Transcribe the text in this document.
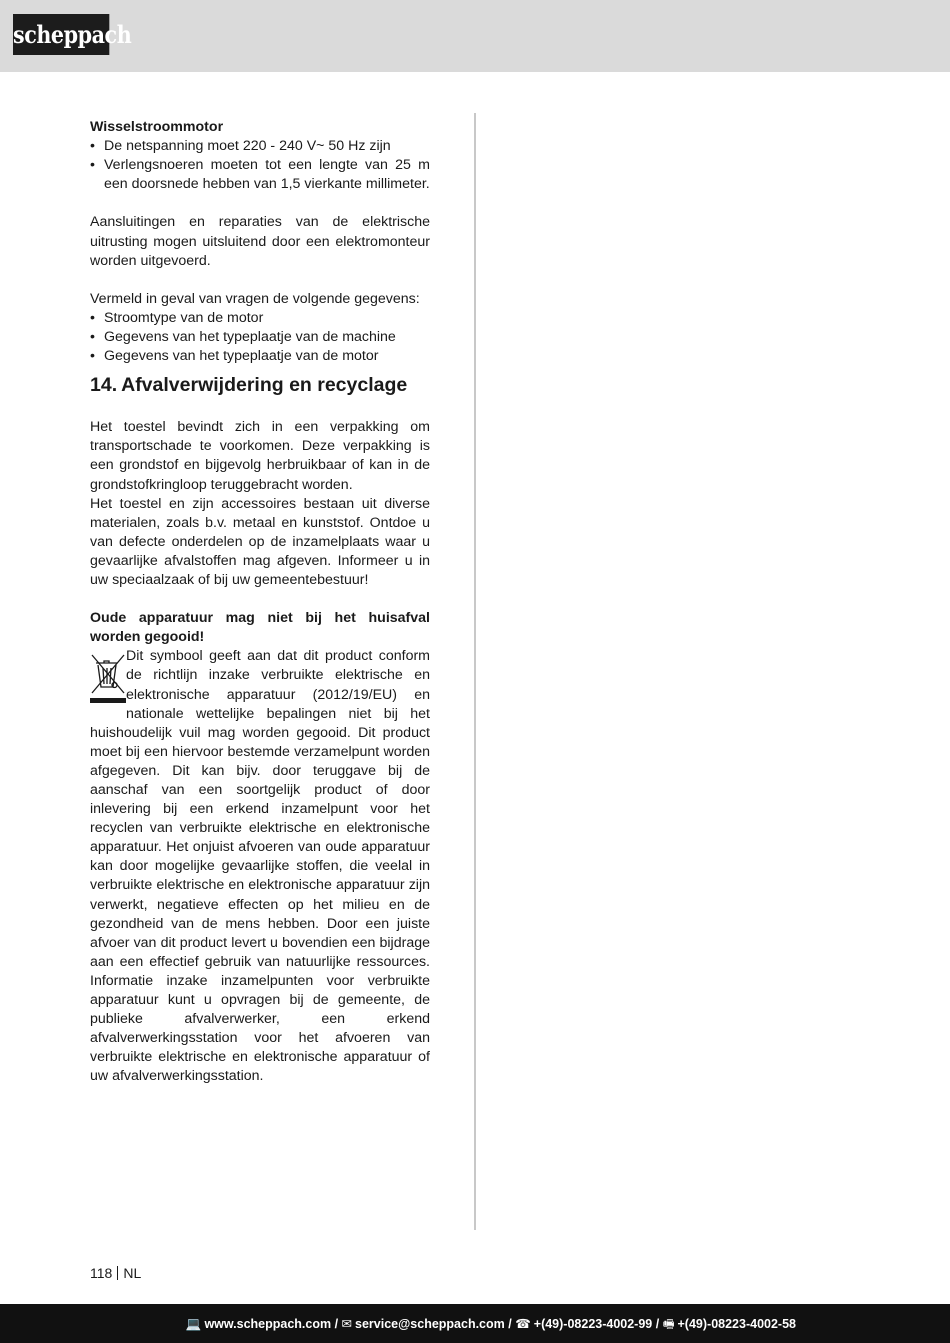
scheppach

Wisselstroommotor

• De netspanning moet 220 - 240 V~ 50 Hz zijn
• Verlengsnoeren moeten tot een lengte van 25 m een doorsnede hebben van 1,5 vierkante millimeter.

Aansluitingen en reparaties van de elektrische uitrusting mogen uitsluitend door een elektromonteur worden uitgevoerd.

Vermeld in geval van vragen de volgende gegevens:

• Stroomtype van de motor
• Gegevens van het typeplaatje van de machine
• Gegevens van het typeplaatje van de motor
14. Afvalverwijdering en recyclage

Het toestel bevindt zich in een verpakking om transportschade te voorkomen. Deze verpakking is een grondstof en bijgevolg herbruikbaar of kan in de grondstofkringloop teruggebracht worden.

Het toestel en zijn accessoires bestaan uit diverse materialen, zoals b.v. metaal en kunststof. Ontdoe u van defecte onderdelen op de inzamelplaats waar u gevaarlijke afvalstoffen mag afgeven. Informeer u in uw speciaalzaak of bij uw gemeentebestuur!

Oude apparatuur mag niet bij het huisafval worden gegooid!

Dit symbool geeft aan dat dit product conform de richtlijn inzake verbruikte elektrische en elektronische apparatuur (2012/19/EU) en nationale wettelijke bepalingen niet bij het huishoudelijk vuil mag worden gegooid. Dit product moet bij een hiervoor bestemde verzamelpunt worden afgegeven. Dit kan bijv. door teruggave bij de aanschaf van een soortgelijk product of door inlevering bij een erkend inzamelpunt voor het recyclen van verbruikte elektrische en elektronische apparatuur. Het onjuist afvoeren van oude apparatuur kan door mogelijke gevaarlijke stoffen, die veelal in verbruikte elektrische en elektronische apparatuur zijn verwerkt, negatieve effecten op het milieu en de gezondheid van de mens hebben. Door een juiste afvoer van dit product levert u bovendien een bijdrage aan een effectief gebruik van natuurlijke ressources. Informatie inzake inzamelpunten voor verbruikte apparatuur kunt u opvragen bij de gemeente, de publieke afvalverwerker, een erkend afvalverwerkingsstation voor het afvoeren van verbruikte elektrische en elektronische apparatuur of uw afvalverwerkingsstation.

118 NL
💻 www.scheppach.com / ✉ service@scheppach.com / ☎ +(49)-08223-4002-99 / 🖷 +(49)-08223-4002-58
